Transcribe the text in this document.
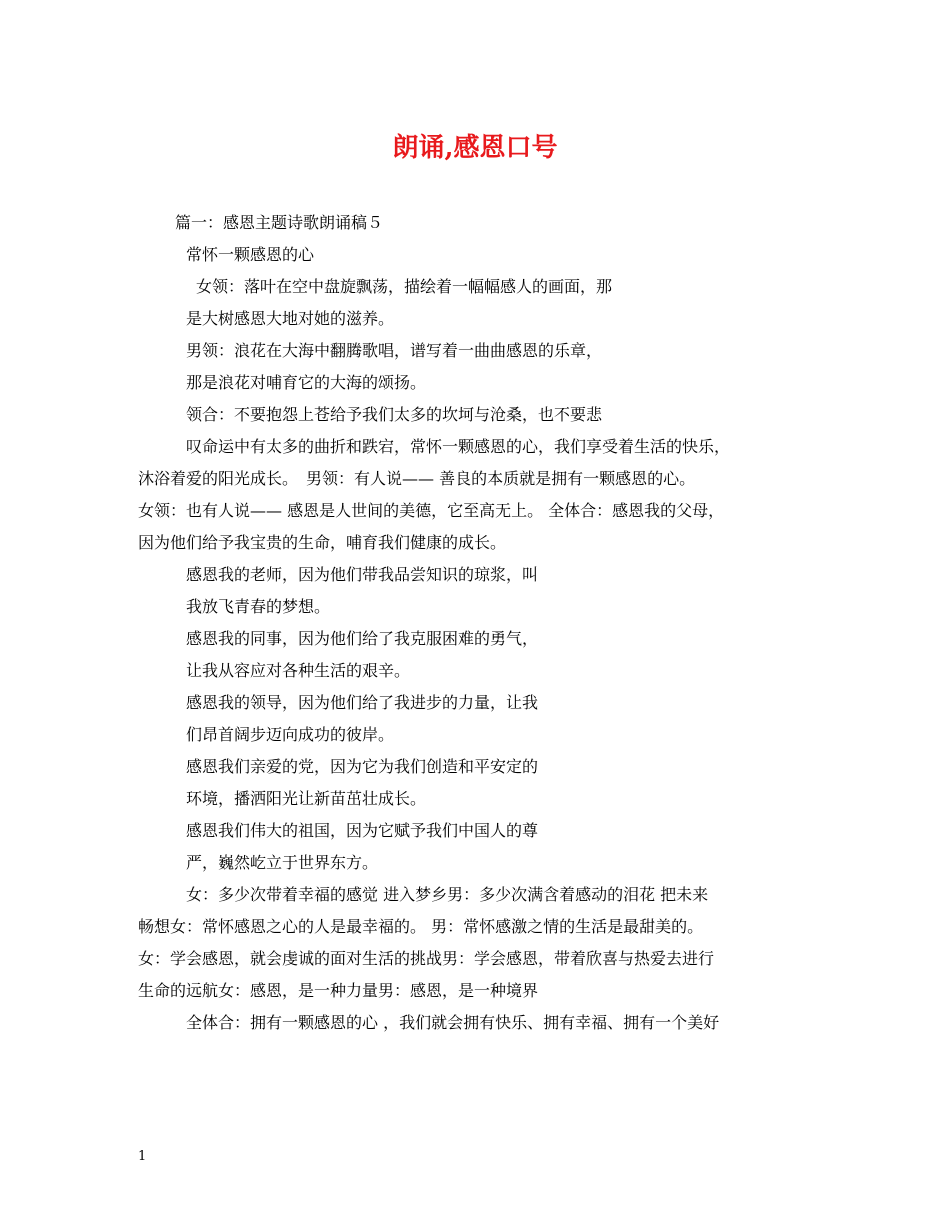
朗诵,感恩口号
篇一：感恩主题诗歌朗诵稿５
常怀一颗感恩的心
女领：落叶在空中盘旋飘荡，描绘着一幅幅感人的画面，那
是大树感恩大地对她的滋养。
男领：浪花在大海中翻腾歌唱，谱写着一曲曲感恩的乐章，
那是浪花对哺育它的大海的颂扬。
领合：不要抱怨上苍给予我们太多的坎坷与沧桑，也不要悲
叹命运中有太多的曲折和跌宕，常怀一颗感恩的心，我们享受着生活的快乐，
沐浴着爱的阳光成长。　男领：有人说—— 善良的本质就是拥有一颗感恩的心。
女领：也有人说—— 感恩是人世间的美德，它至高无上。 全体合：感恩我的父母，
因为他们给予我宝贵的生命，哺育我们健康的成长。
感恩我的老师，因为他们带我品尝知识的琼浆，叫
我放飞青春的梦想。
感恩我的同事，因为他们给了我克服困难的勇气，
让我从容应对各种生活的艰辛。
感恩我的领导，因为他们给了我进步的力量，让我
们昂首阔步迈向成功的彼岸。
感恩我们亲爱的党，因为它为我们创造和平安定的
环境，播洒阳光让新苗茁壮成长。
感恩我们伟大的祖国，因为它赋予我们中国人的尊
严，巍然屹立于世界东方。
女：多少次带着幸福的感觉 进入梦乡男：多少次满含着感动的泪花 把未来
畅想女：常怀感恩之心的人是最幸福的。 男：常怀感激之情的生活是最甜美的。
女：学会感恩，就会虔诚的面对生活的挑战男：学会感恩，带着欣喜与热爱去进行
生命的远航女：感恩，是一种力量男：感恩，是一种境界
全体合：拥有一颗感恩的心 ，我们就会拥有快乐、拥有幸福、拥有一个美好
1
